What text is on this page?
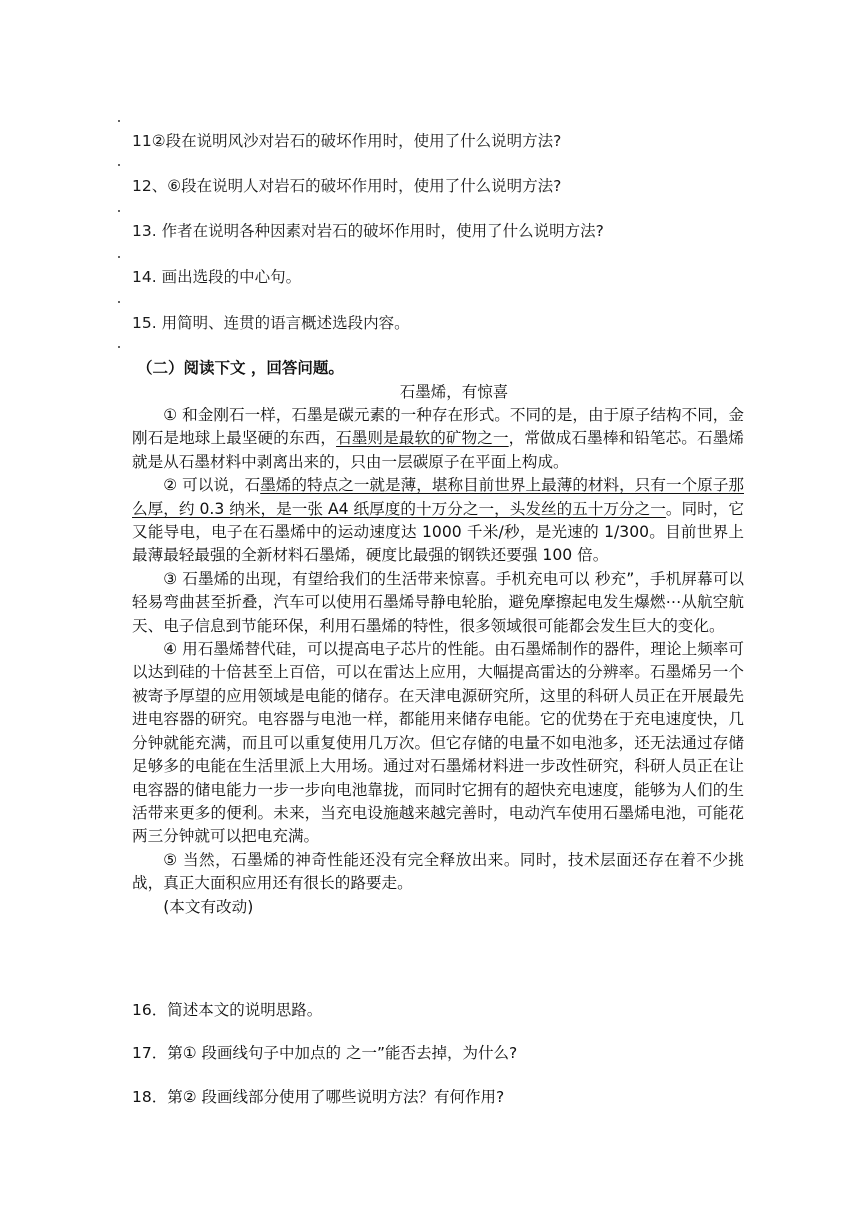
11②段在说明风沙对岩石的破坏作用时，使用了什么说明方法?
12、⑥段在说明人对岩石的破坏作用时，使用了什么说明方法?
13. 作者在说明各种因素对岩石的破坏作用时，使用了什么说明方法?
14. 画出选段的中心句。
15. 用简明、连贯的语言概述选段内容。
（二）阅读下文 ，回答问题。
石墨烯，有惊喜

① 和金刚石一样，石墨是碳元素的一种存在形式。不同的是，由于原子结构不同，金刚石是地球上最坚硬的东西，石墨则是最软的矿物之一，常做成石墨棒和铅笔芯。石墨烯就是从石墨材料中剥离出来的，只由一层碳原子在平面上构成。

② 可以说，石墨烯的特点之一就是薄，堪称目前世界上最薄的材料，只有一个原子那么厚，约 0.3 纳米，是一张 A4 纸厚度的十万分之一，头发丝的五十万分之一。同时，它又能导电，电子在石墨烯中的运动速度达 1000 千米/秒，是光速的 1/300。目前世界上最薄最轻最强的全新材料石墨烯，硬度比最强的钢铁还要强 100 倍。

③ 石墨烯的出现，有望给我们的生活带来惊喜。手机充电可以 秒充”，手机屏幕可以轻易弯曲甚至折叠，汽车可以使用石墨烯导静电轮胎，避免摩擦起电发生爆燃⋯从航空航天、电子信息到节能环保，利用石墨烯的特性，很多领域很可能都会发生巨大的变化。

④ 用石墨烯替代硅，可以提高电子芯片的性能。由石墨烯制作的器件，理论上频率可以达到硅的十倍甚至上百倍，可以在雷达上应用，大幅提高雷达的分辨率。石墨烯另一个被寄予厚望的应用领域是电能的储存。在天津电源研究所，这里的科研人员正在开展最先进电容器的研究。电容器与电池一样，都能用来储存电能。它的优势在于充电速度快，几分钟就能充满，而且可以重复使用几万次。但它存储的电量不如电池多，还无法通过存储足够多的电能在生活里派上大用场。通过对石墨烯材料进一步改性研究，科研人员正在让电容器的储电能力一步一步向电池靠拢，而同时它拥有的超快充电速度，能够为人们的生活带来更多的便利。未来，当充电设施越来越完善时，电动汽车使用石墨烯电池，可能花两三分钟就可以把电充满。

⑤ 当然，石墨烯的神奇性能还没有完全释放出来。同时，技术层面还存在着不少挑战，真正大面积应用还有很长的路要走。

(本文有改动)

16．简述本文的说明思路。
17．第① 段画线句子中加点的 之一”能否去掉，为什么?
18．第② 段画线部分使用了哪些说明方法？有何作用?
